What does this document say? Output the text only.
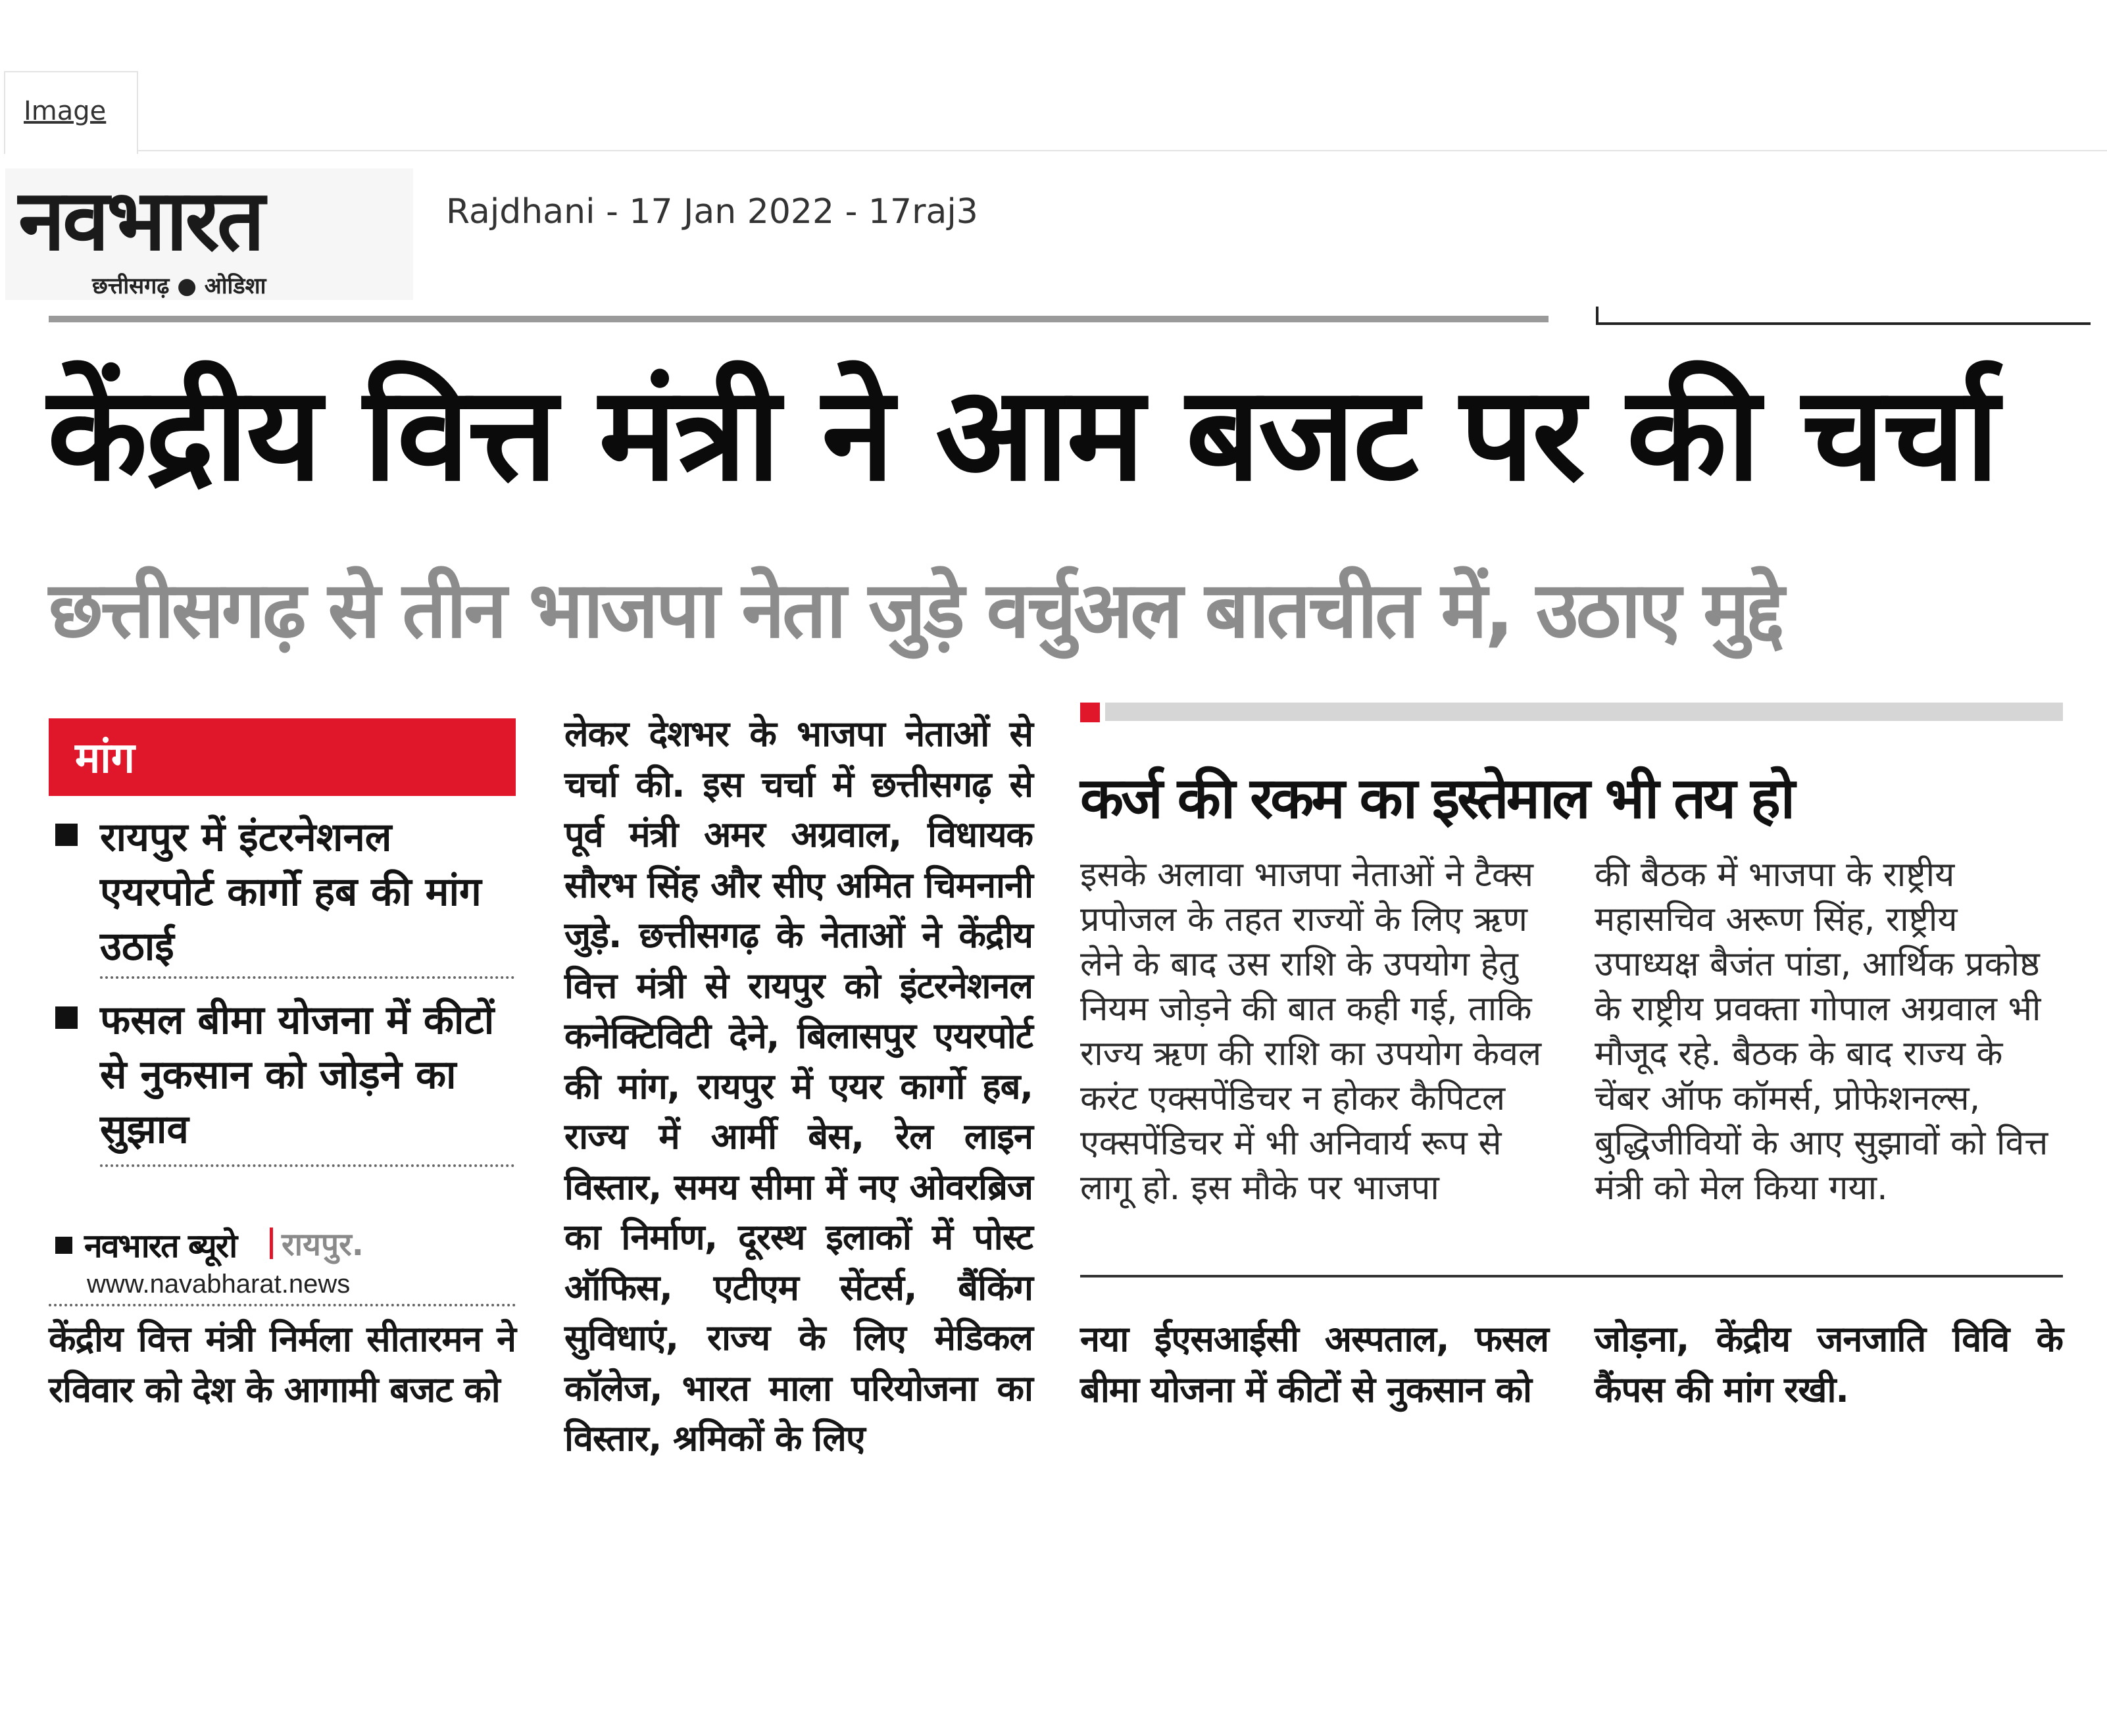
Image
नवभारत
छत्तीसगढ़ ● ओडिशा
Rajdhani - 17 Jan 2022 - 17raj3
केंद्रीय वित्त मंत्री ने आम बजट पर की चर्चा
छत्तीसगढ़ से तीन भाजपा नेता जुड़े वर्चुअल बातचीत में, उठाए मुद्दे
मांग
रायपुर में इंटरनेशनल एयरपोर्ट कार्गो हब की मांग उठाई
फसल बीमा योजना में कीटों से नुकसान को जोड़ने का सुझाव
नवभारत ब्यूरो रायपुर.
www.navabharat.news
केंद्रीय वित्त मंत्री निर्मला सीतारमन ने रविवार को देश के आगामी बजट को
लेकर देशभर के भाजपा नेताओं से चर्चा की. इस चर्चा में छत्तीसगढ़ से पूर्व मंत्री अमर अग्रवाल, विधायक सौरभ सिंह और सीए अमित चिमनानी जुड़े. छत्तीसगढ़ के नेताओं ने केंद्रीय वित्त मंत्री से रायपुर को इंटरनेशनल कनेक्टिविटी देने, बिलासपुर एयरपोर्ट की मांग, रायपुर में एयर कार्गो हब, राज्य में आर्मी बेस, रेल लाइन विस्तार, समय सीमा में नए ओवरब्रिज का निर्माण, दूरस्थ इलाकों में पोस्ट ऑफिस, एटीएम सेंटर्स, बैंकिंग सुविधाएं, राज्य के लिए मेडिकल कॉलेज, भारत माला परियोजना का विस्तार, श्रमिकों के लिए
कर्ज की रकम का इस्तेमाल भी तय हो
इसके अलावा भाजपा नेताओं ने टैक्स प्रपोजल के तहत राज्यों के लिए ऋण लेने के बाद उस राशि के उपयोग हेतु नियम जोड़ने की बात कही गई, ताकि राज्य ऋण की राशि का उपयोग केवल करंट एक्सपेंडिचर न होकर कैपिटल एक्सपेंडिचर में भी अनिवार्य रूप से लागू हो. इस मौके पर भाजपा
की बैठक में भाजपा के राष्ट्रीय महासचिव अरूण सिंह, राष्ट्रीय उपाध्यक्ष बैजंत पांडा, आर्थिक प्रकोष्ठ के राष्ट्रीय प्रवक्ता गोपाल अग्रवाल भी मौजूद रहे. बैठक के बाद राज्य के चेंबर ऑफ कॉमर्स, प्रोफेशनल्स, बुद्धिजीवियों के आए सुझावों को वित्त मंत्री को मेल किया गया.
नया ईएसआईसी अस्पताल, फसल बीमा योजना में कीटों से नुकसान को
जोड़ना, केंद्रीय जनजाति विवि के कैंपस की मांग रखी.
